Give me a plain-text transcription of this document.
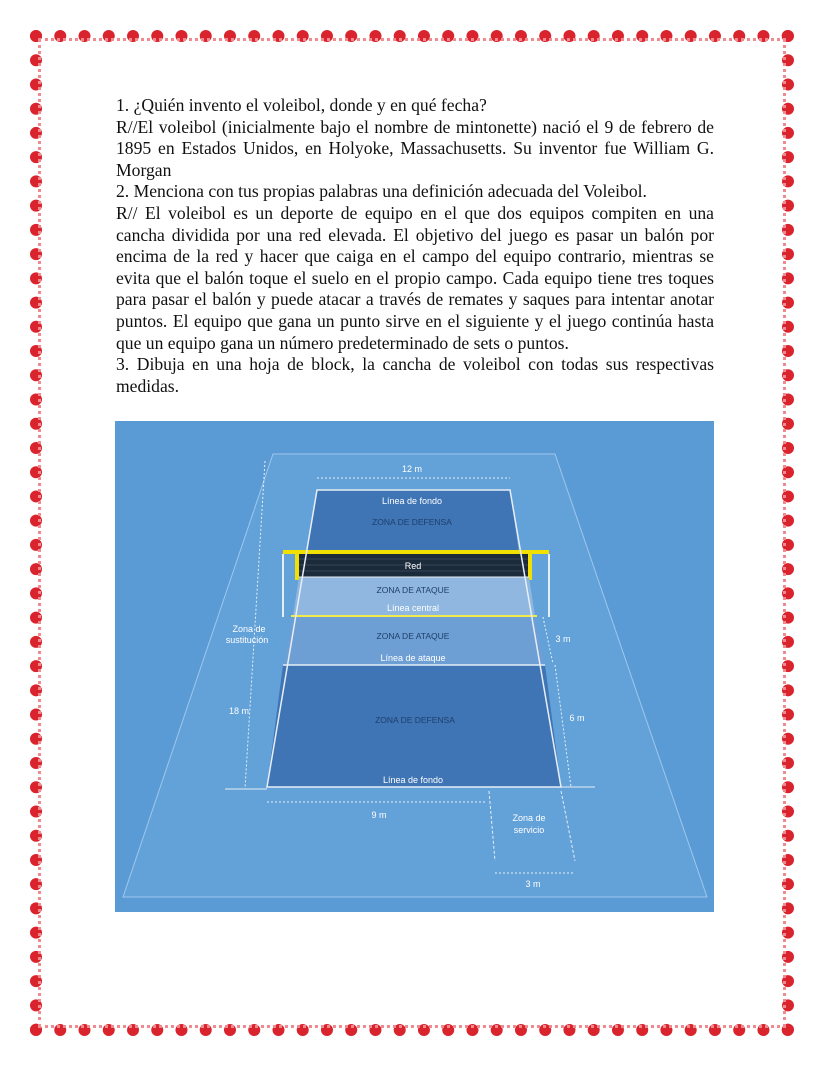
1. ¿Quién invento el voleibol, donde y en qué fecha?

R//El voleibol (inicialmente bajo el nombre de mintonette) nació el 9 de febrero de 1895 en Estados Unidos, en Holyoke, Massachusetts. Su inventor fue William G. Morgan

2. Menciona con tus propias palabras una definición adecuada del Voleibol.

R// El voleibol es un deporte de equipo en el que dos equipos compiten en una cancha dividida por una red elevada. El objetivo del juego es pasar un balón por encima de la red y hacer que caiga en el campo del equipo contrario, mientras se evita que el balón toque el suelo en el propio campo. Cada equipo tiene tres toques para pasar el balón y puede atacar a través de remates y saques para intentar anotar puntos. El equipo que gana un punto sirve en el siguiente y el juego continúa hasta que un equipo gana un número predeterminado de sets o puntos.

3. Dibuja en una hoja de block, la cancha de voleibol con todas sus respectivas medidas.

12 m
Línea de fondo
ZONA DE DEFENSA
Red
ZONA DE ATAQUE
Línea central
ZONA DE ATAQUE
Línea de ataque
Zona de
sustitución	3 m
18 m
ZONA DE DEFENSA	6 m
Línea de fondo
9 m	Zona de
servicio
3 m
